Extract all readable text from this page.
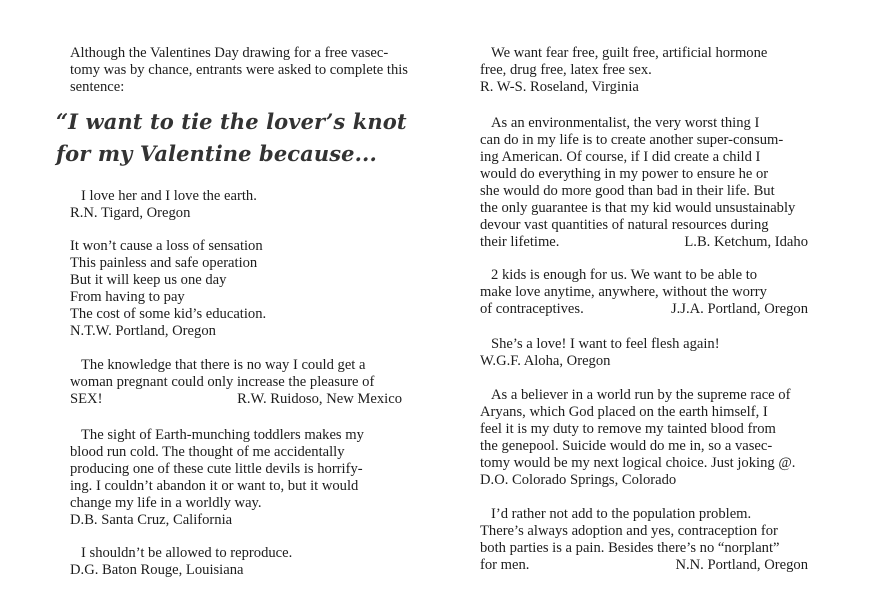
Although the Valentines Day drawing for a free vasec-
tomy was by chance, entrants were asked to complete this
sentence:
“I want to tie the lover’s knot
for my Valentine because...
I love her and I love the earth.
R.N. Tigard, Oregon
It won’t cause a loss of sensation
This painless and safe operation
But it will keep us one day
From having to pay
The cost of some kid’s education.
N.T.W. Portland, Oregon
The knowledge that there is no way I could get a
woman pregnant could only increase the pleasure of
R.W. Ruidoso, New Mexico
SEX!
The sight of Earth-munching toddlers makes my
blood run cold. The thought of me accidentally
producing one of these cute little devils is horrify-
ing. I couldn’t abandon it or want to, but it would
change my life in a worldly way.
D.B. Santa Cruz, California
I shouldn’t be allowed to reproduce.
D.G. Baton Rouge, Louisiana
We want fear free, guilt free, artificial hormone
free, drug free, latex free sex.
R. W-S. Roseland, Virginia
As an environmentalist, the very worst thing I
can do in my life is to create another super-consum-
ing American. Of course, if I did create a child I
would do everything in my power to ensure he or
she would do more good than bad in their life. But
the only guarantee is that my kid would unsustainably
devour vast quantities of natural resources during
L.B. Ketchum, Idaho
their lifetime.
2 kids is enough for us. We want to be able to
make love anytime, anywhere, without the worry
J.J.A. Portland, Oregon
of contraceptives.
She’s a love! I want to feel flesh again!
W.G.F. Aloha, Oregon
As a believer in a world run by the supreme race of
Aryans, which God placed on the earth himself, I
feel it is my duty to remove my tainted blood from
the genepool. Suicide would do me in, so a vasec-
tomy would be my next logical choice. Just joking @.
D.O. Colorado Springs, Colorado
I’d rather not add to the population problem.
There’s always adoption and yes, contraception for
both parties is a pain. Besides there’s no “norplant”
N.N. Portland, Oregon
for men.
